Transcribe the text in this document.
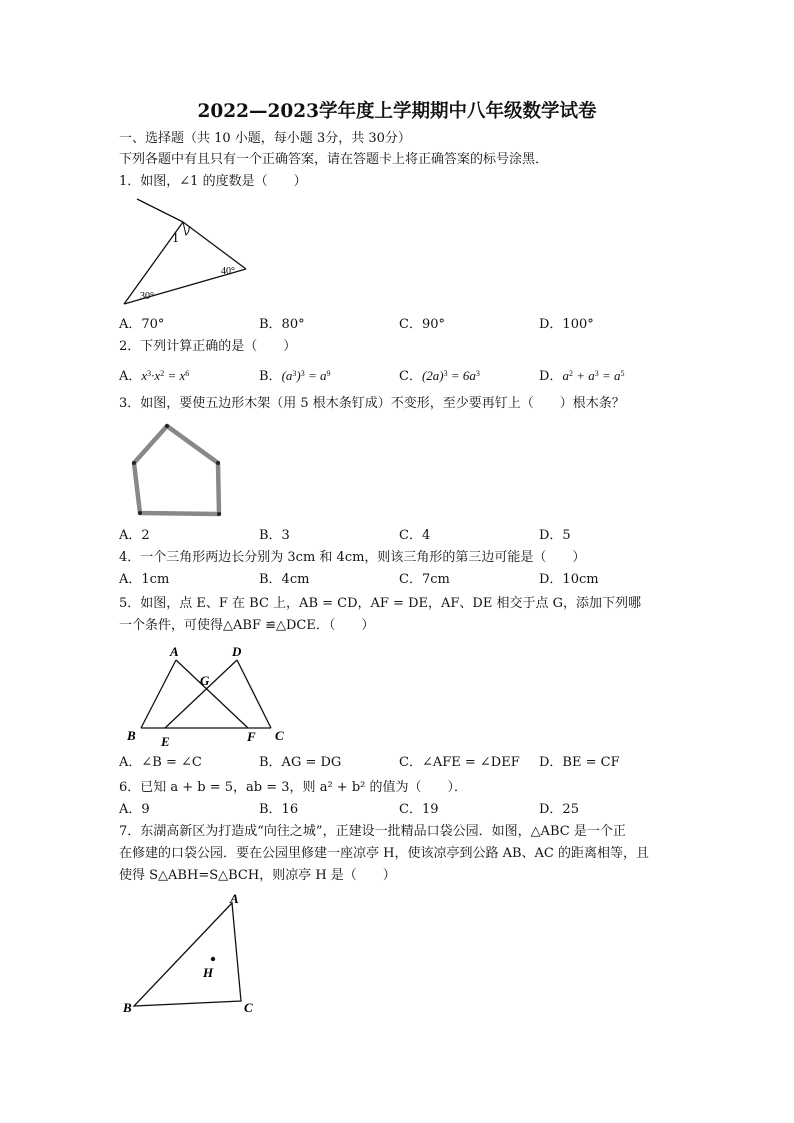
2022—2023学年度上学期期中八年级数学试卷
一、选择题（共 10 小题，每小题 3分，共 30分）
下列各题中有且只有一个正确答案，请在答题卡上将正确答案的标号涂黑．
1．如图，∠1 的度数是（　　）
1
40°
30°
A．70°	B．80°	C．90°	D．100°
2．下列计算正确的是（　　）
A．$x^3\cdot x^2 = x^6$	B．$(a^3)^3 = a^9$	C．$(2a)^3 = 6a^3$	D．$a^2 + a^3 = a^5$
3．如图，要使五边形木架（用 5 根木条钉成）不变形，至少要再钉上（　　）根木条？
A．2	B．3	C．4	D．5
4．一个三角形两边长分别为 3cm 和 4cm，则该三角形的第三边可能是（　　）
A．1cm	B．4cm	C．7cm	D．10cm
5．如图，点 E、F 在 BC 上，AB = CD，AF = DE，AF、DE 相交于点 G，添加下列哪
一个条件，可使得△ABF ≌△DCE．（　　）
A	D
G
B E	F C
A．∠B = ∠C	B．AG = DG	C．∠AFE = ∠DEF D．BE = CF
6．已知 a + b = 5，ab = 3，则 a² + b² 的值为（　　）．
A．9	B．16	C．19	D．25
7．东湖高新区为打造成“向往之城”，正建设一批精品口袋公园．如图，△ABC 是一个正
在修建的口袋公园．要在公园里修建一座凉亭 H，使该凉亭到公路 AB、AC 的距离相等，且
使得 S△ABH=S△BCH，则凉亭 H 是（　　）
A
H
B	C
